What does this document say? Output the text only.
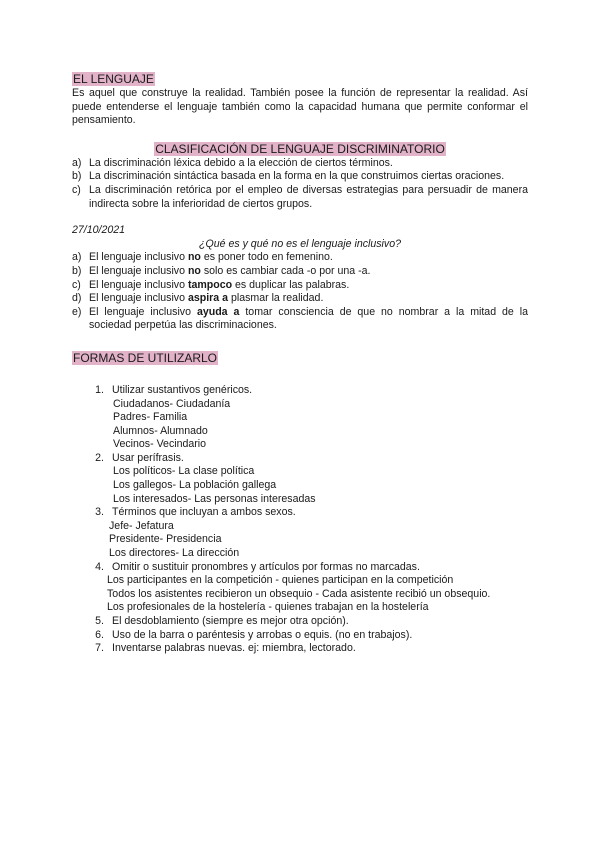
EL LENGUAJE

Es aquel que construye la realidad. También posee la función de representar la realidad. Así puede entenderse el lenguaje también como la capacidad humana que permite conformar el pensamiento.

CLASIFICACIÓN DE LENGUAJE DISCRIMINATORIO
a) La discriminación léxica debido a la elección de ciertos términos.
b) La discriminación sintáctica basada en la forma en la que construimos ciertas oraciones.
c) La discriminación retórica por el empleo de diversas estrategias para persuadir de manera indirecta sobre la inferioridad de ciertos grupos.
27/10/2021
¿Qué es y qué no es el lenguaje inclusivo?
a) El lenguaje inclusivo no es poner todo en femenino.
b) El lenguaje inclusivo no solo es cambiar cada -o por una -a.
c) El lenguaje inclusivo tampoco es duplicar las palabras.
d) El lenguaje inclusivo aspira a plasmar la realidad.
e) El lenguaje inclusivo ayuda a tomar consciencia de que no nombrar a la mitad de la sociedad perpetúa las discriminaciones.
FORMAS DE UTILIZARLO
1. Utilizar sustantivos genéricos.
Ciudadanos- Ciudadanía
Padres- Familia
Alumnos- Alumnado
Vecinos- Vecindario
2. Usar perífrasis.
Los políticos- La clase política
Los gallegos- La población gallega
Los interesados- Las personas interesadas
3. Términos que incluyan a ambos sexos.
Jefe- Jefatura
Presidente- Presidencia
Los directores- La dirección
4. Omitir o sustituir pronombres y artículos por formas no marcadas.
Los participantes en la competición - quienes participan en la competición
Todos los asistentes recibieron un obsequio - Cada asistente recibió un obsequio.
Los profesionales de la hostelería - quienes trabajan en la hostelería
5. El desdoblamiento (siempre es mejor otra opción).
6. Uso de la barra o paréntesis y arrobas o equis. (no en trabajos).
7. Inventarse palabras nuevas. ej: miembra, lectorado.
